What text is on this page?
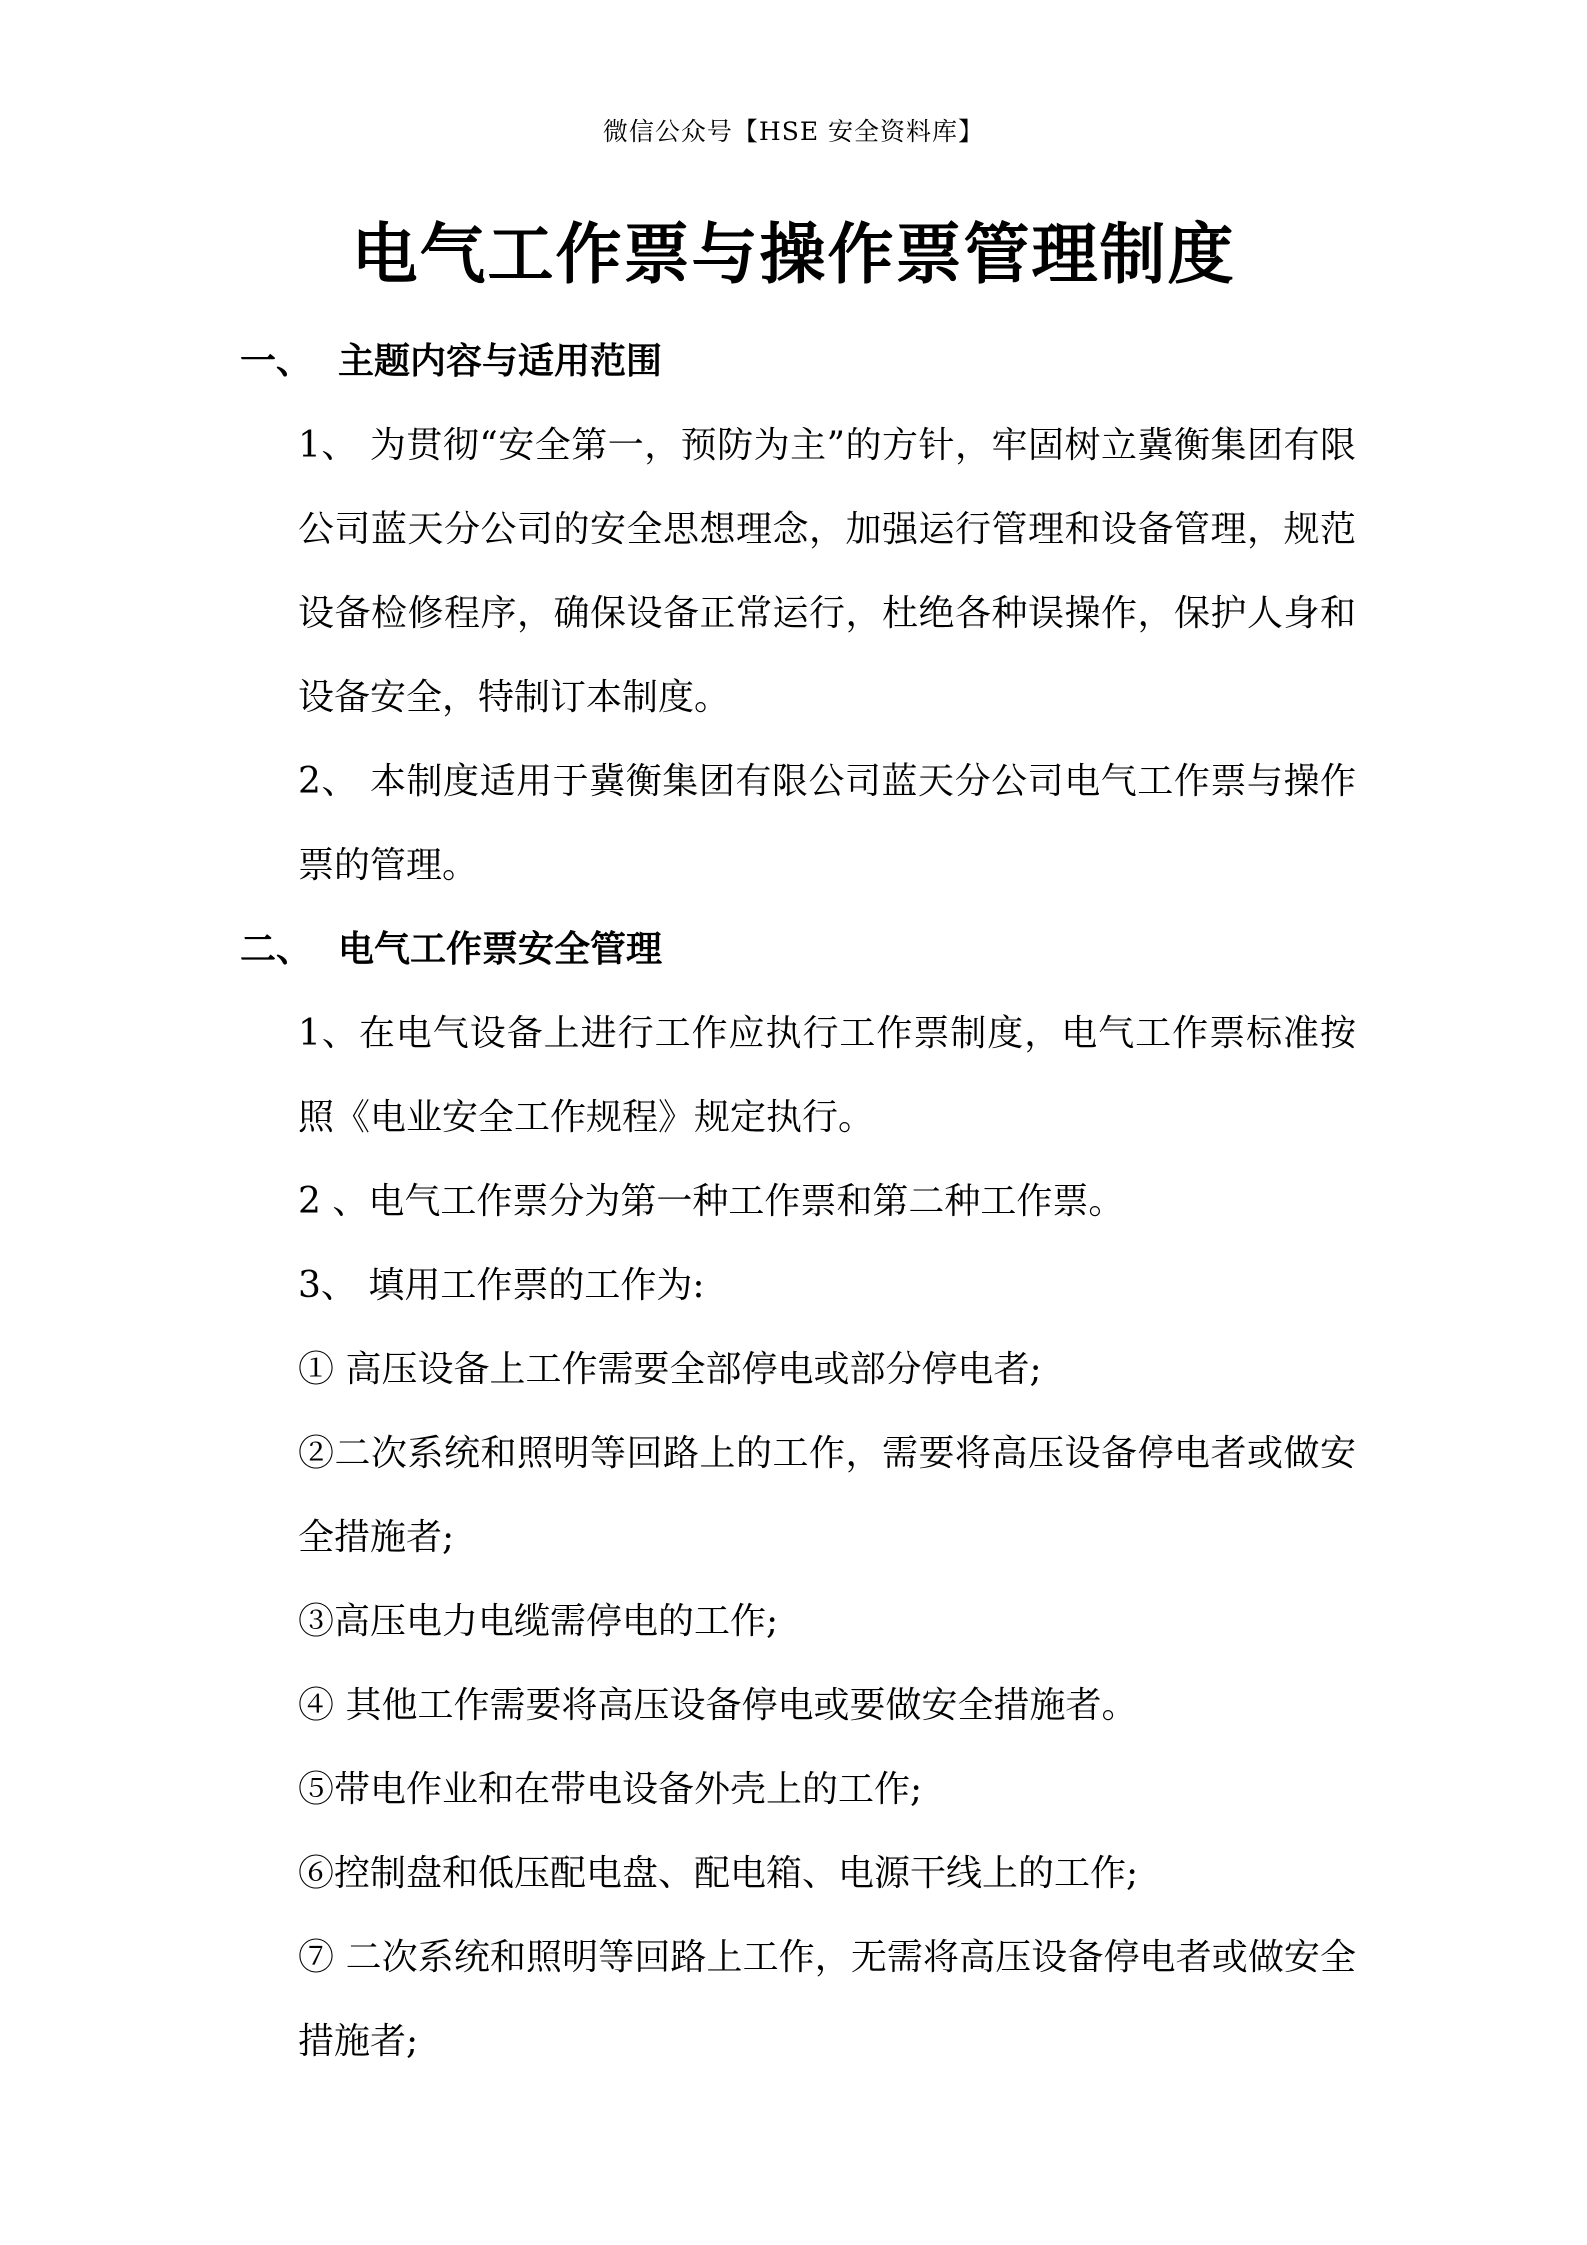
微信公众号【HSE 安全资料库】
电气工作票与操作票管理制度
一、 主题内容与适用范围
1、 为贯彻“安全第一，预防为主”的方针，牢固树立冀衡集团有限公司蓝天分公司的安全思想理念，加强运行管理和设备管理，规范设备检修程序，确保设备正常运行，杜绝各种误操作，保护人身和设备安全，特制订本制度。
2、 本制度适用于冀衡集团有限公司蓝天分公司电气工作票与操作票的管理。
二、 电气工作票安全管理
1、在电气设备上进行工作应执行工作票制度，电气工作票标准按照《电业安全工作规程》规定执行。
2 、电气工作票分为第一种工作票和第二种工作票。
3、 填用工作票的工作为:
① 高压设备上工作需要全部停电或部分停电者;
②二次系统和照明等回路上的工作，需要将高压设备停电者或做安全措施者;
③高压电力电缆需停电的工作;
④ 其他工作需要将高压设备停电或要做安全措施者。
⑤带电作业和在带电设备外壳上的工作;
⑥控制盘和低压配电盘、配电箱、电源干线上的工作;
⑦ 二次系统和照明等回路上工作，无需将高压设备停电者或做安全措施者;
